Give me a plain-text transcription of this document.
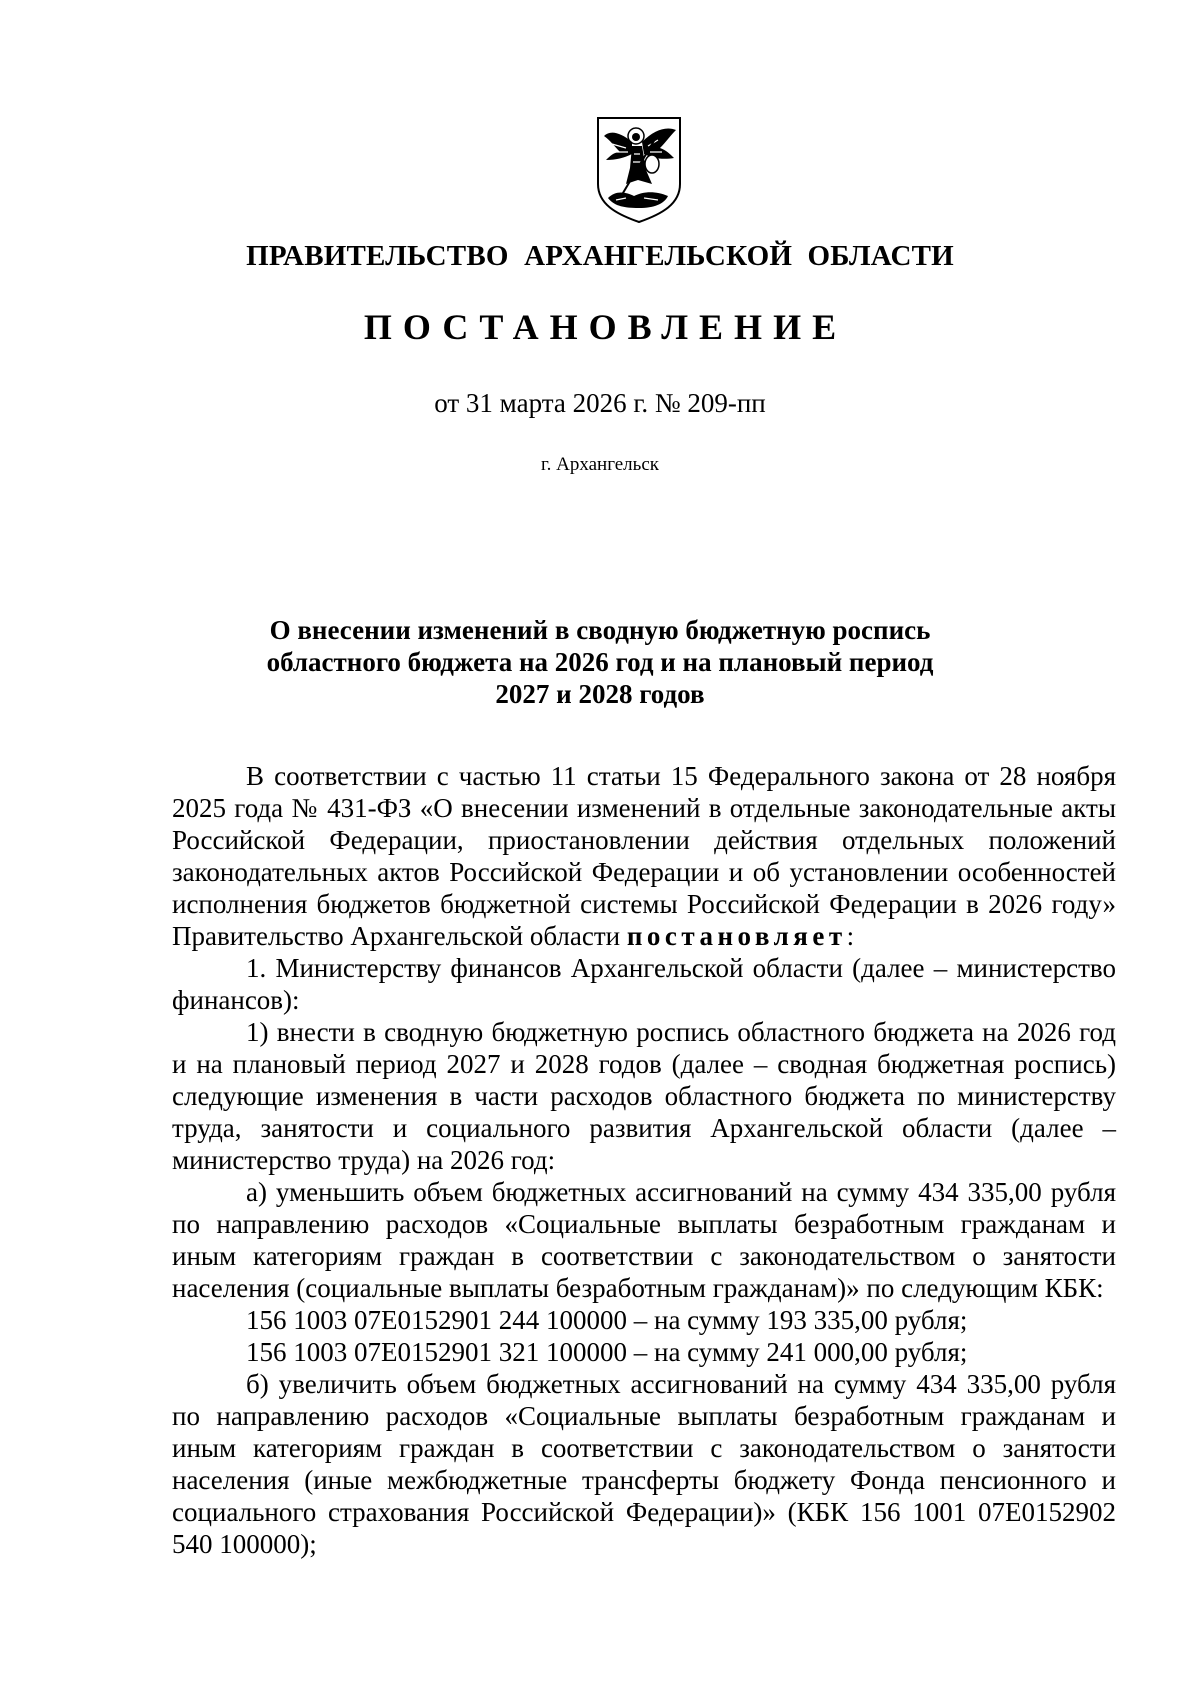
ПРАВИТЕЛЬСТВО АРХАНГЕЛЬСКОЙ ОБЛАСТИ
ПОСТАНОВЛЕНИЕ
от 31 марта 2026 г. № 209-пп
г. Архангельск
О внесении изменений в сводную бюджетную роспись
областного бюджета на 2026 год и на плановый период
2027 и 2028 годов

В соответствии с частью 11 статьи 15 Федерального закона от 28 ноября 2025 года № 431-ФЗ «О внесении изменений в отдельные законодательные акты Российской Федерации, приостановлении действия отдельных положений законодательных актов Российской Федерации и об установлении особенностей исполнения бюджетов бюджетной системы Российской Федерации в 2026 году» Правительство Архангельской области постановляет:

1. Министерству финансов Архангельской области (далее – министерство финансов):

1) внести в сводную бюджетную роспись областного бюджета на 2026 год и на плановый период 2027 и 2028 годов (далее – сводная бюджетная роспись) следующие изменения в части расходов областного бюджета по министерству труда, занятости и социального развития Архангельской области (далее – министерство труда) на 2026 год:

а) уменьшить объем бюджетных ассигнований на сумму 434 335,00 рубля по направлению расходов «Социальные выплаты безработным гражданам и иным категориям граждан в соответствии с законодательством о занятости населения (социальные выплаты безработным гражданам)» по следующим КБК:

156 1003 07Е0152901 244 100000 – на сумму 193 335,00 рубля;

156 1003 07Е0152901 321 100000 – на сумму 241 000,00 рубля;

б) увеличить объем бюджетных ассигнований на сумму 434 335,00 рубля по направлению расходов «Социальные выплаты безработным гражданам и иным категориям граждан в соответствии с законодательством о занятости населения (иные межбюджетные трансферты бюджету Фонда пенсионного и социального страхования Российской Федерации)» (КБК 156 1001 07Е0152902 540 100000);
